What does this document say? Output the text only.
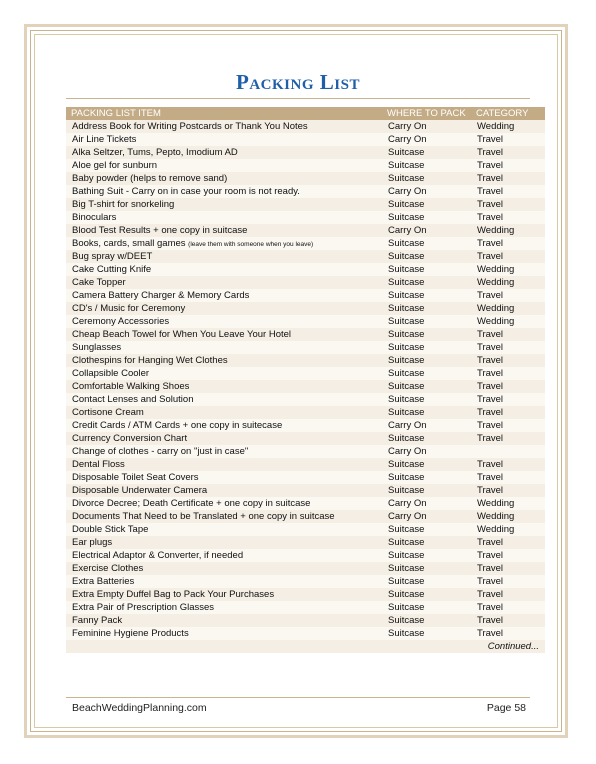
Packing List
PACKING LIST ITEM	WHERE TO PACK	CATEGORY
Address Book for Writing Postcards or Thank You Notes	Carry On	Wedding
Air Line Tickets	Carry On	Travel
Alka Seltzer, Tums, Pepto, Imodium AD	Suitcase	Travel
Aloe gel for sunburn	Suitcase	Travel
Baby powder (helps to remove sand)	Suitcase	Travel
Bathing Suit - Carry on in case your room is not ready.	Carry On	Travel
Big T-shirt for snorkeling	Suitcase	Travel
Binoculars	Suitcase	Travel
Blood Test Results + one copy in suitcase	Carry On	Wedding
Books, cards, small games (leave them with someone when you leave)	Suitcase	Travel
Bug spray w/DEET	Suitcase	Travel
Cake Cutting Knife	Suitcase	Wedding
Cake Topper	Suitcase	Wedding
Camera Battery Charger & Memory Cards	Suitcase	Travel
CD's / Music for Ceremony	Suitcase	Wedding
Ceremony Accessories	Suitcase	Wedding
Cheap Beach Towel for When You Leave Your Hotel	Suitcase	Travel
Sunglasses	Suitcase	Travel
Clothespins for Hanging Wet Clothes	Suitcase	Travel
Collapsible Cooler	Suitcase	Travel
Comfortable Walking Shoes	Suitcase	Travel
Contact Lenses and Solution	Suitcase	Travel
Cortisone Cream	Suitcase	Travel
Credit Cards / ATM Cards + one copy in suitecase	Carry On	Travel
Currency Conversion Chart	Suitcase	Travel
Change of clothes - carry on "just in case"	Carry On	
Dental Floss	Suitcase	Travel
Disposable Toilet Seat Covers	Suitcase	Travel
Disposable Underwater Camera	Suitcase	Travel
Divorce Decree; Death Certificate + one copy in suitcase	Carry On	Wedding
Documents That Need to be Translated + one copy in suitcase	Carry On	Wedding
Double Stick Tape	Suitcase	Wedding
Ear plugs	Suitcase	Travel
Electrical Adaptor & Converter, if needed	Suitcase	Travel
Exercise Clothes	Suitcase	Travel
Extra Batteries	Suitcase	Travel
Extra Empty Duffel Bag to Pack Your Purchases	Suitcase	Travel
Extra Pair of Prescription Glasses	Suitcase	Travel
Fanny Pack	Suitcase	Travel
Feminine Hygiene Products	Suitcase	Travel
		Continued...
BeachWeddingPlanning.com	Page 58
